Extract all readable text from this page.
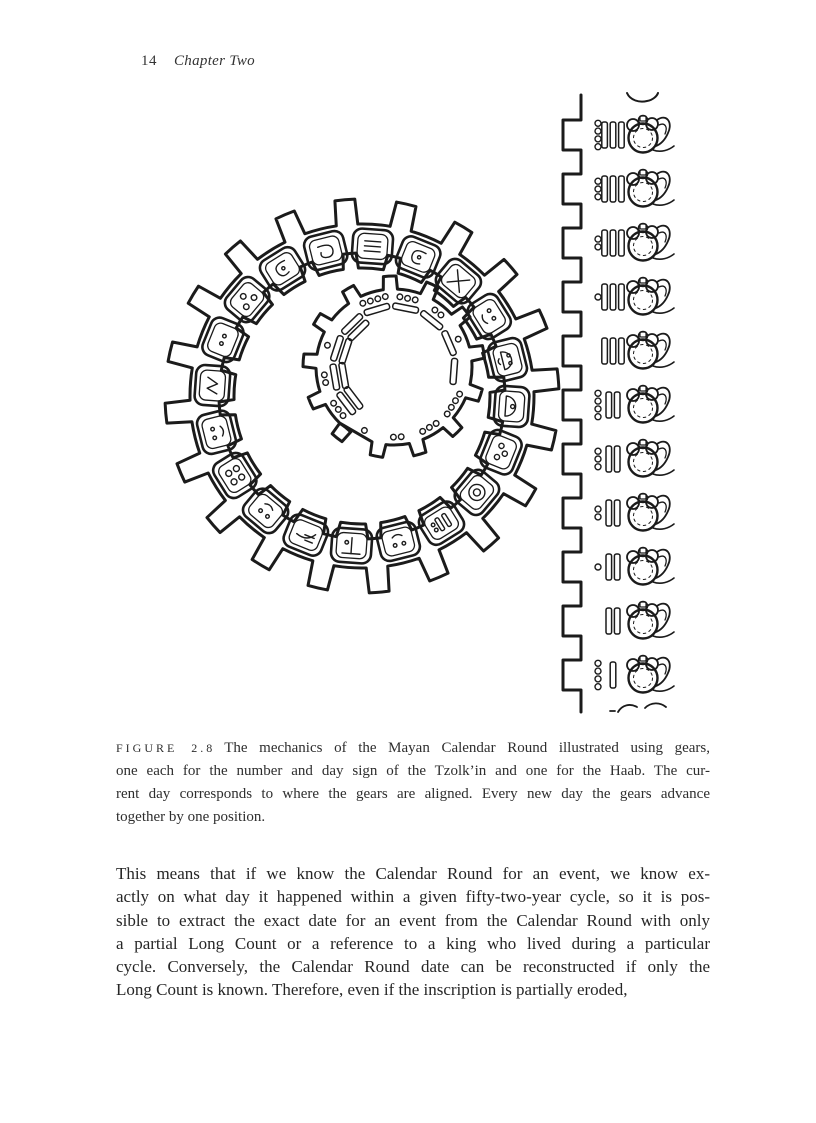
14 Chapter Two
FIGURE 2.8 The mechanics of the Mayan Calendar Round illustrated using gears,
one each for the number and day sign of the Tzolk’in and one for the Haab. The cur-
rent day corresponds to where the gears are aligned. Every new day the gears advance
together by one position.
This means that if we know the Calendar Round for an event, we know ex-
actly on what day it happened within a given fifty-two-year cycle, so it is pos-
sible to extract the exact date for an event from the Calendar Round with only
a partial Long Count or a reference to a king who lived during a particular
cycle. Conversely, the Calendar Round date can be reconstructed if only the
Long Count is known. Therefore, even if the inscription is partially eroded,
